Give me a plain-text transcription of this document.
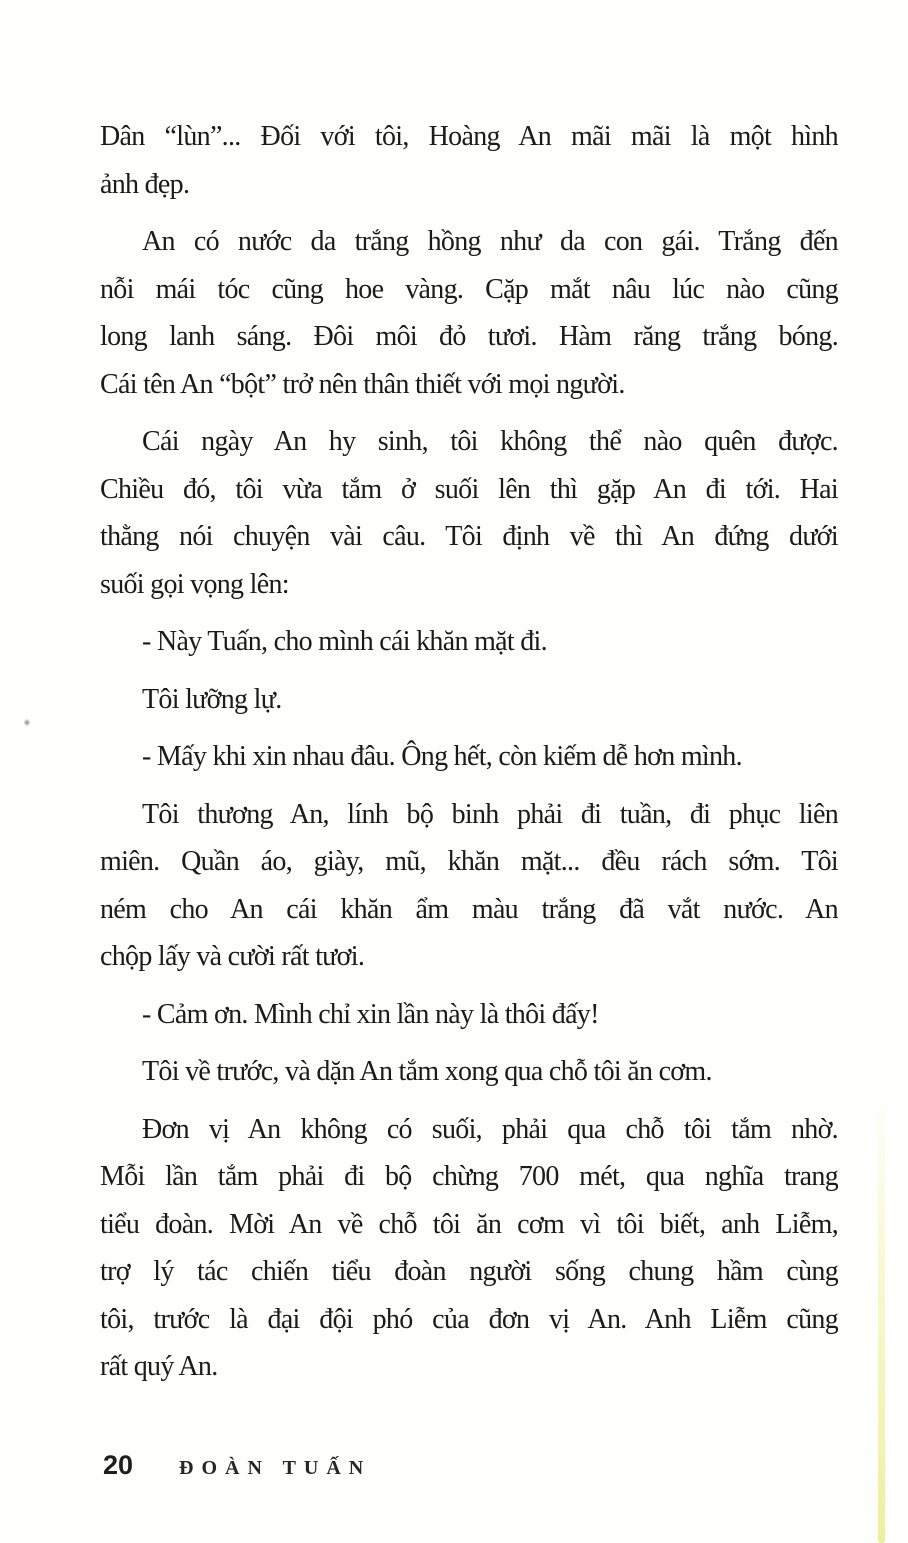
Dân “lùn”... Đối với tôi, Hoàng An mãi mãi là một hình
ảnh đẹp.
An có nước da trắng hồng như da con gái. Trắng đến
nỗi mái tóc cũng hoe vàng. Cặp mắt nâu lúc nào cũng
long lanh sáng. Đôi môi đỏ tươi. Hàm răng trắng bóng.
Cái tên An “bột” trở nên thân thiết với mọi người.
Cái ngày An hy sinh, tôi không thể nào quên được.
Chiều đó, tôi vừa tắm ở suối lên thì gặp An đi tới. Hai
thằng nói chuyện vài câu. Tôi định về thì An đứng dưới
suối gọi vọng lên:
- Này Tuấn, cho mình cái khăn mặt đi.
Tôi lưỡng lự.
- Mấy khi xin nhau đâu. Ông hết, còn kiếm dễ hơn mình.
Tôi thương An, lính bộ binh phải đi tuần, đi phục liên
miên. Quần áo, giày, mũ, khăn mặt... đều rách sớm. Tôi
ném cho An cái khăn ẩm màu trắng đã vắt nước. An
chộp lấy và cười rất tươi.
- Cảm ơn. Mình chỉ xin lần này là thôi đấy!
Tôi về trước, và dặn An tắm xong qua chỗ tôi ăn cơm.
Đơn vị An không có suối, phải qua chỗ tôi tắm nhờ.
Mỗi lần tắm phải đi bộ chừng 700 mét, qua nghĩa trang
tiểu đoàn. Mời An về chỗ tôi ăn cơm vì tôi biết, anh Liễm,
trợ lý tác chiến tiểu đoàn người sống chung hầm cùng
tôi, trước là đại đội phó của đơn vị An. Anh Liễm cũng
rất quý An.
20 ĐOÀN TUẤN
